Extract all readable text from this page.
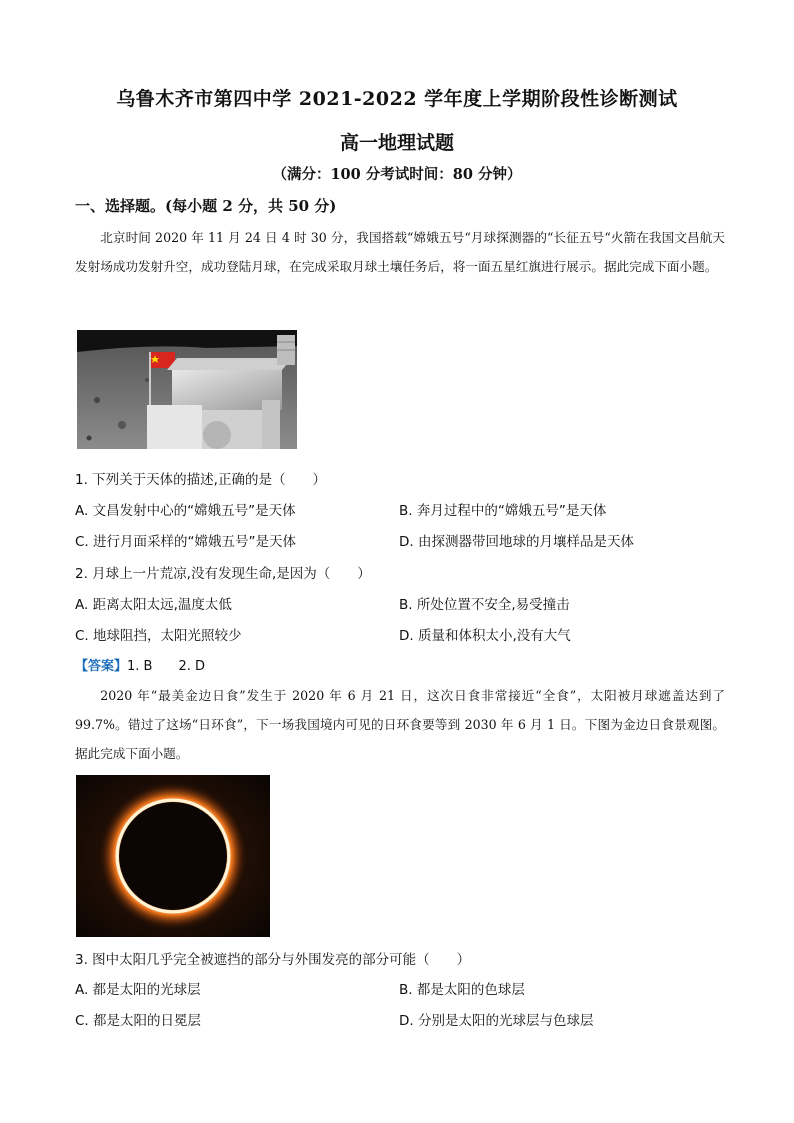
乌鲁木齐市第四中学 2021-2022 学年度上学期阶段性诊断测试
高一地理试题
（满分：100 分考试时间：80 分钟）
一、选择题。(每小题 2 分，共 50 分)
北京时间 2020 年 11 月 24 日 4 时 30 分，我国搭载“嫦娥五号“月球探测器的“长征五号“火箭在我国文昌航天发射场成功发射升空，成功登陆月球，在完成采取月球土壤任务后，将一面五星红旗进行展示。据此完成下面小题。
1. 下列关于天体的描述,正确的是（　　）
A. 文昌发射中心的“嫦娥五号”是天体	B. 奔月过程中的“嫦娥五号”是天体
C. 进行月面采样的“嫦娥五号”是天体	D. 由探测器带回地球的月壤样品是天体
2. 月球上一片荒凉,没有发现生命,是因为（　　）
A. 距离太阳太远,温度太低	B. 所处位置不安全,易受撞击
C. 地球阻挡，太阳光照较少	D. 质量和体积太小,没有大气
【答案】1. B　　2. D
2020 年“最美金边日食”发生于 2020 年 6 月 21 日，这次日食非常接近“全食”，太阳被月球遮盖达到了 99.7%。错过了这场“日环食”，下一场我国境内可见的日环食要等到 2030 年 6 月 1 日。下图为金边日食景观图。据此完成下面小题。
3. 图中太阳几乎完全被遮挡的部分与外围发亮的部分可能（　　）
A. 都是太阳的光球层	B. 都是太阳的色球层
C. 都是太阳的日冕层	D. 分别是太阳的光球层与色球层
